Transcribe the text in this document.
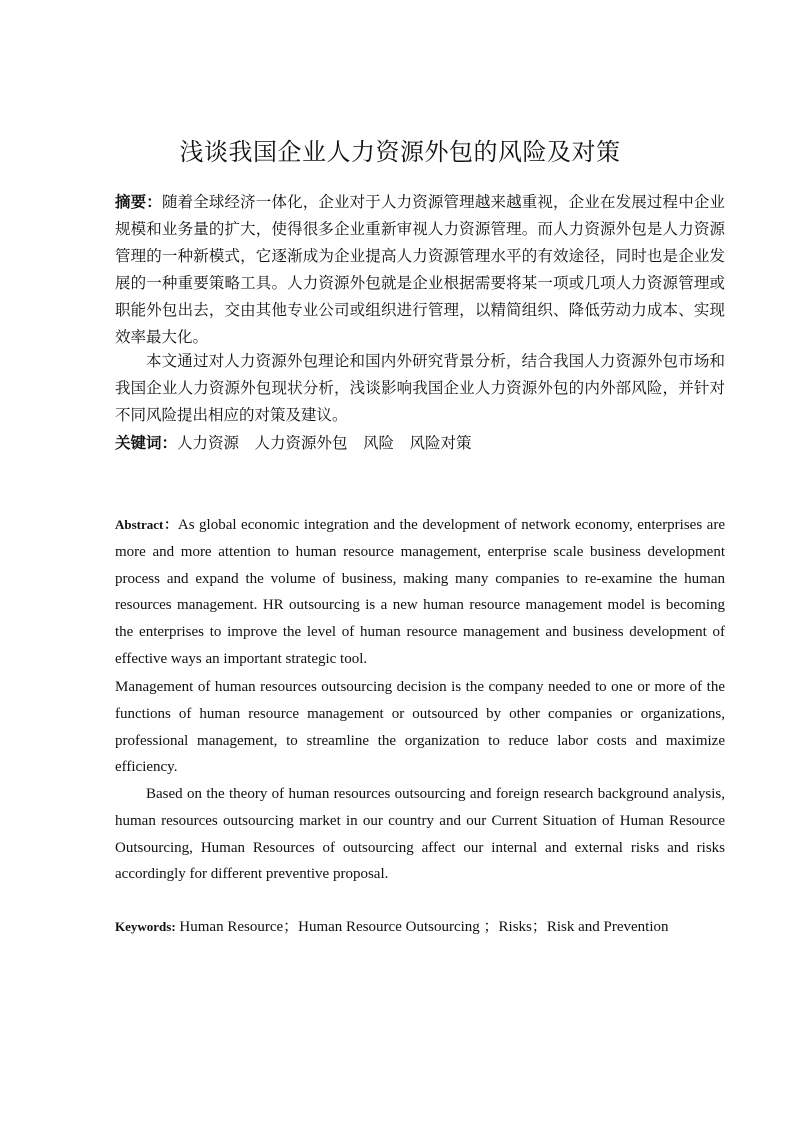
浅谈我国企业人力资源外包的风险及对策
摘要：随着全球经济一体化，企业对于人力资源管理越来越重视，企业在发展过程中企业规模和业务量的扩大，使得很多企业重新审视人力资源管理。而人力资源外包是人力资源管理的一种新模式，它逐渐成为企业提高人力资源管理水平的有效途径，同时也是企业发展的一种重要策略工具。人力资源外包就是企业根据需要将某一项或几项人力资源管理或职能外包出去，交由其他专业公司或组织进行管理，以精简组织、降低劳动力成本、实现效率最大化。
本文通过对人力资源外包理论和国内外研究背景分析，结合我国人力资源外包市场和我国企业人力资源外包现状分析，浅谈影响我国企业人力资源外包的内外部风险，并针对不同风险提出相应的对策及建议。
关键词：人力资源　人力资源外包　风险　风险对策
Abstract：As global economic integration and the development of network economy, enterprises are more and more attention to human resource management, enterprise scale business development process and expand the volume of business, making many companies to re-examine the human resources management. HR outsourcing is a new human resource management model is becoming the enterprises to improve the level of human resource management and business development of effective ways an important strategic tool.
Management of human resources outsourcing decision is the company needed to one or more of the functions of human resource management or outsourced by other companies or organizations, professional management, to streamline the organization to reduce labor costs and maximize efficiency.
Based on the theory of human resources outsourcing and foreign research background analysis, human resources outsourcing market in our country and our Current Situation of Human Resource Outsourcing, Human Resources of outsourcing affect our internal and external risks and risks accordingly for different preventive proposal.
Keywords: Human Resource；Human Resource Outsourcing ；Risks；Risk and Prevention
